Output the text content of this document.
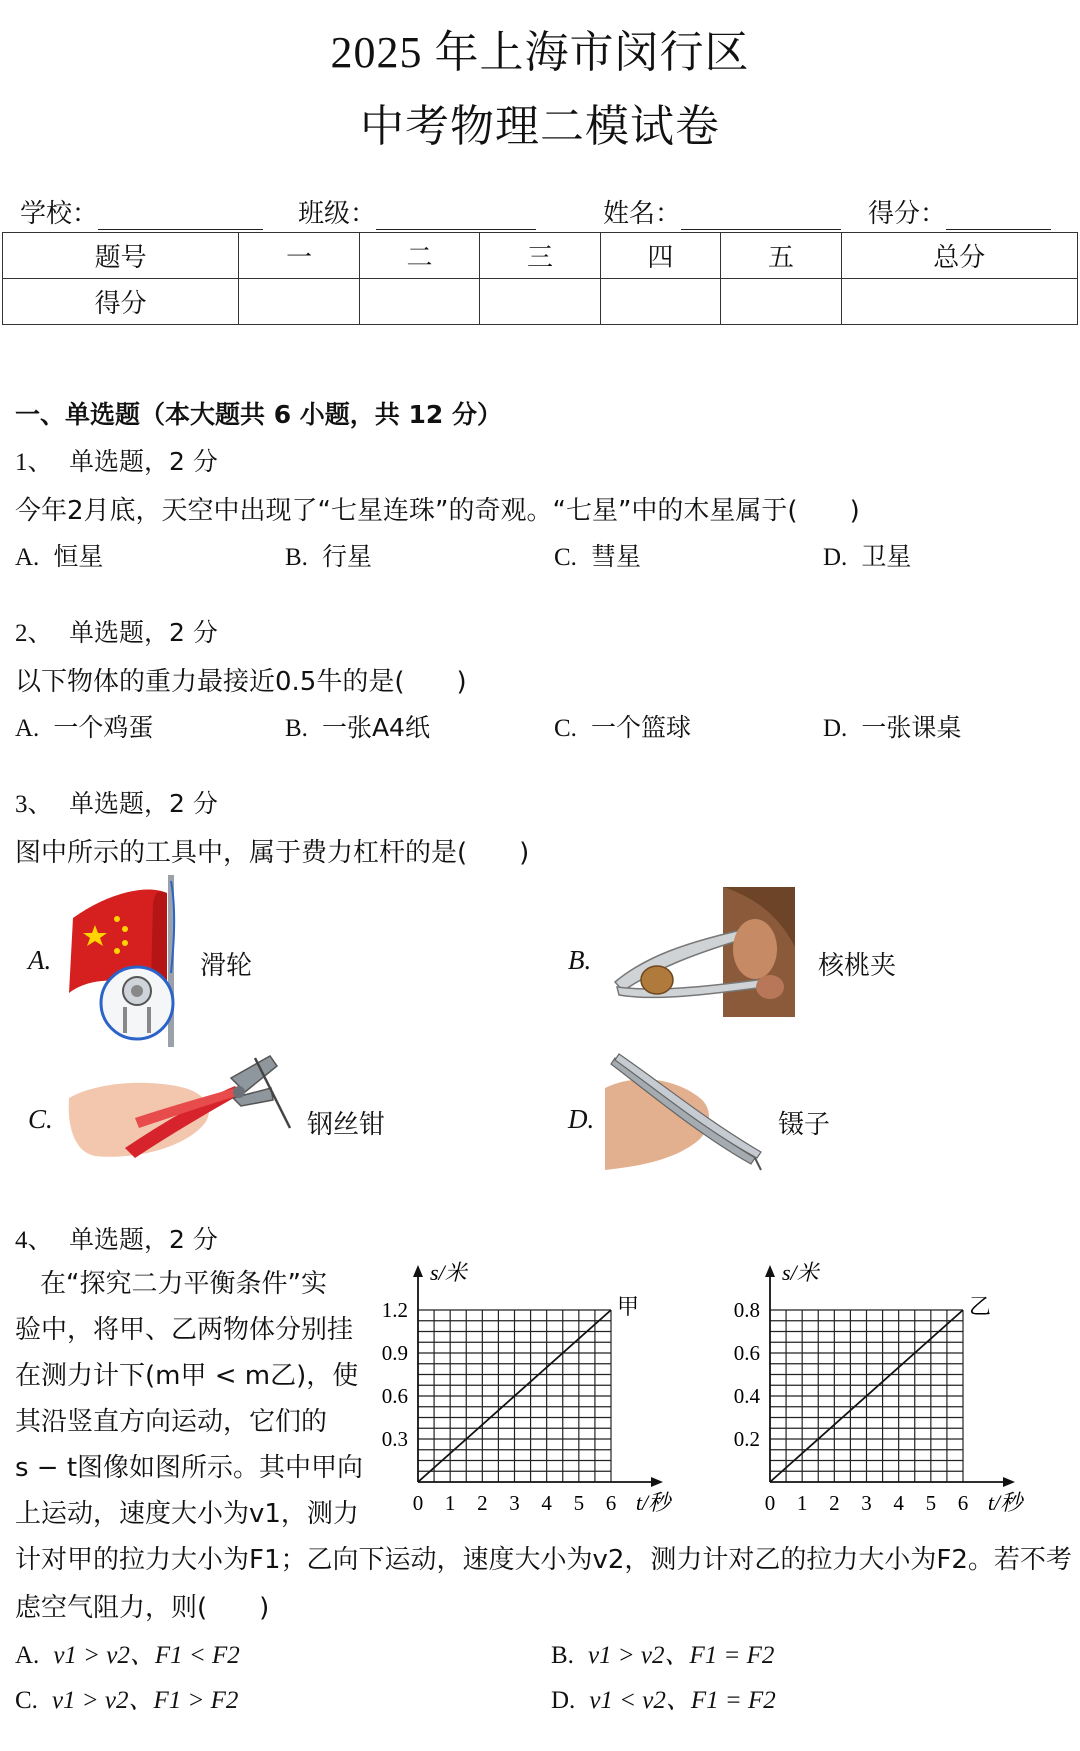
2025 年上海市闵行区
中考物理二模试卷
学校：	班级：	姓名：	得分：
题号	一	二	三	四	五	总分
得分						
一、单选题（本大题共 6 小题，共 12 分）
1、 单选题，2 分
今年2月底，天空中出现了“七星连珠”的奇观。“七星”中的木星属于(　　)
A. 恒星	B. 行星	C. 彗星	D. 卫星
2、 单选题，2 分
以下物体的重力最接近0.5牛的是(　　)
A. 一个鸡蛋	B. 一张A4纸	C. 一个篮球	D. 一张课桌
3、 单选题，2 分
图中所示的工具中，属于费力杠杆的是(　　)
A.	滑轮	B.	核桃夹
C.	钢丝钳	D.	镊子
4、 单选题，2 分
在“探究二力平衡条件”实
验中，将甲、乙两物体分别挂
在测力计下(m甲 < m乙)，使
其沿竖直方向运动，它们的
s − t图像如图所示。其中甲向
上运动，速度大小为v1，测力
计对甲的拉力大小为F1；乙向下运动，速度大小为v2，测力计对乙的拉力大小为F2。若不考
虑空气阻力，则(　　)
0 1 2 3 4 5 6
0.3
0.6
0.9
1.2
t/秒
s/米
甲
0 1 2 3 4 5 6
0.2
0.4
0.6
0.8
t/秒
s/米
乙
A. v1 > v2、F1 < F2	B. v1 > v2、F1 = F2
C. v1 > v2、F1 > F2	D. v1 < v2、F1 = F2
